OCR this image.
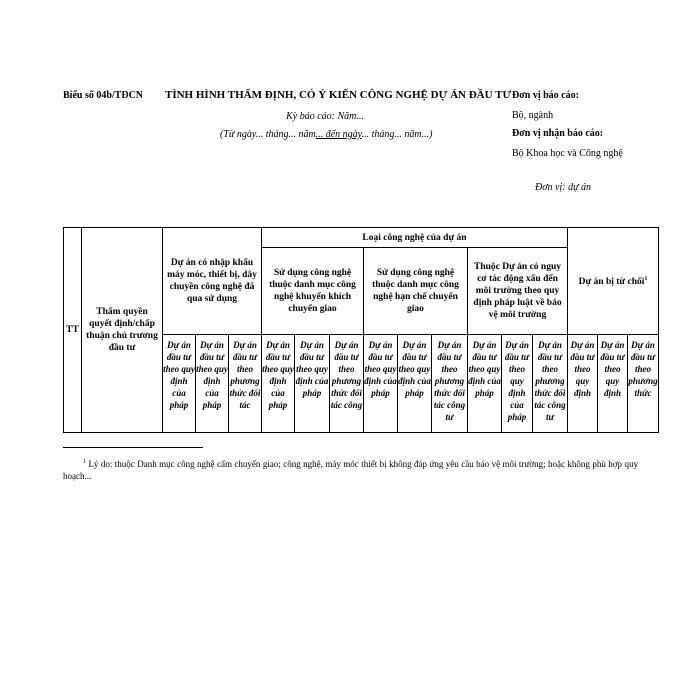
Biểu số 04b/TĐCN TÌNH HÌNH THẨM ĐỊNH, CÓ Ý KIẾN CÔNG NGHỆ DỰ ÁN ĐẦU TƯ
Kỳ báo cáo: Năm...
(Từ ngày... tháng... năm... đến ngày... tháng... năm...)
Đơn vị báo cáo:
Bộ, ngành
Đơn vị nhận báo cáo:
Bộ Khoa học và Công nghệ
Đơn vị: dự án
TT	Thẩm quyền quyết định/chấp thuận chủ trương đầu tư	Dự án có nhập khẩu máy móc, thiết bị, dây chuyền công nghệ đã qua sử dụng			Loại công nghệ của dự án									Dự án bị từ chối$^1$
					Sử dụng công nghệ thuộc danh mục công nghệ khuyến khích chuyển giao			Sử dụng công nghệ thuộc danh mục công nghệ hạn chế chuyển giao			Thuộc Dự án có nguy cơ tác động xấu đến môi trường theo quy định pháp luật về bảo vệ môi trường					
		Dự án đầu tư theo quy định của pháp	Dự án đầu tư theo quy định của pháp	Dự án đầu tư theo phương thức đối tác	Dự án đầu tư theo quy định của pháp	Dự án đầu tư theo quy định của pháp	Dự án đầu tư theo phương thức đối tác công	Dự án đầu tư theo quy định của pháp	Dự án đầu tư theo quy định của pháp	Dự án đầu tư theo phương thức đối tác công tư	Dự án đầu tư theo quy định của pháp	Dự án đầu tư theo quy định của pháp	Dự án đầu tư theo phương thức đối tác công tư	Dự án đầu tư theo quy định	Dự án đầu tư theo quy định	Dự án đầu tư theo phương thức
$^1$ Lý do: thuộc Danh mục công nghệ cấm chuyển giao; công nghệ, máy móc thiết bị không đáp ứng yêu cầu bảo vệ môi trường; hoặc không phù hợp quy hoạch...
